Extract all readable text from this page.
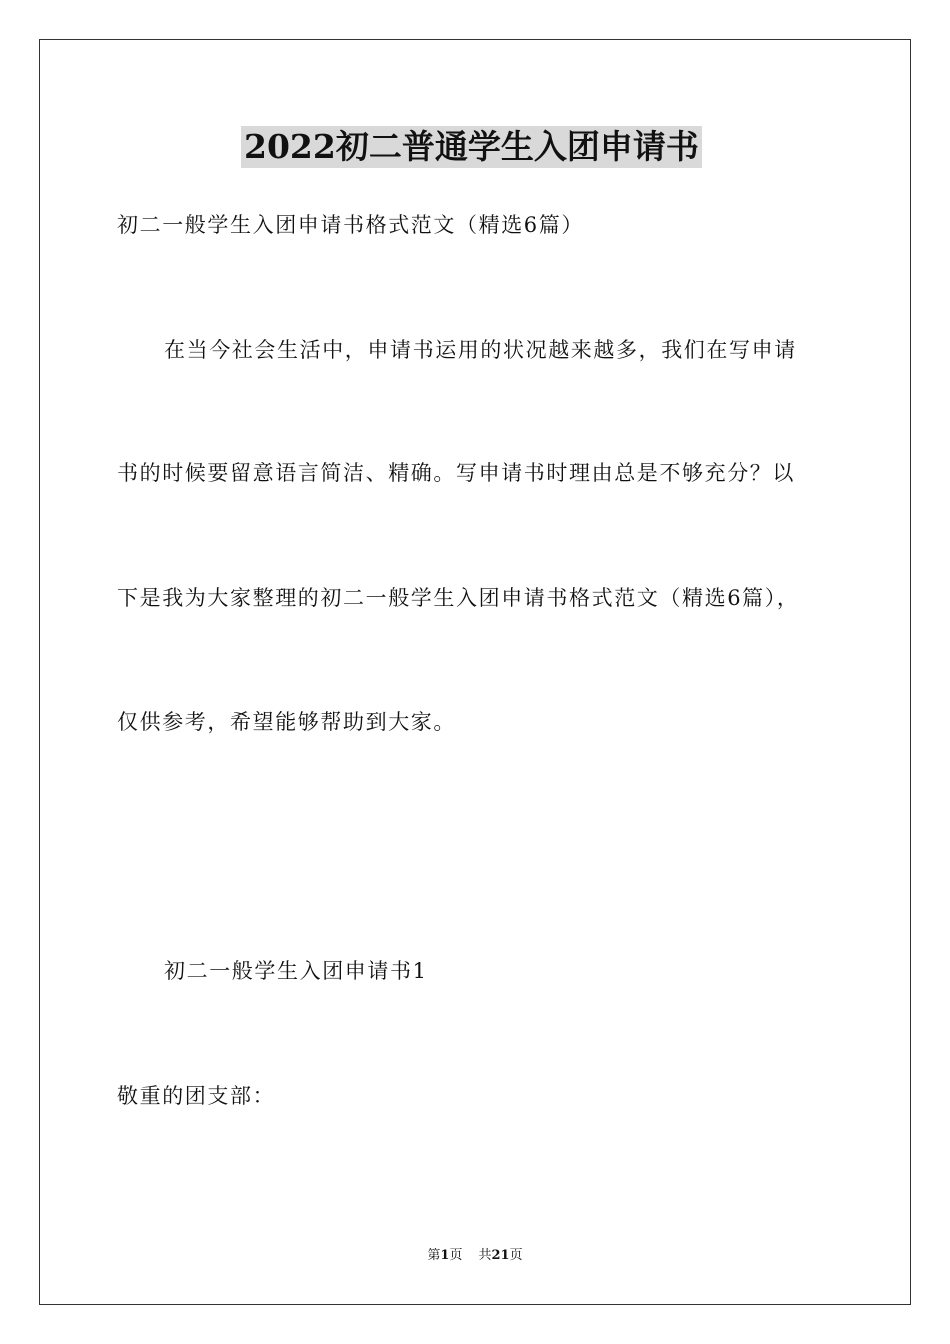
2022初二普通学生入团申请书
初二一般学生入团申请书格式范文（精选6篇）
在当今社会生活中，申请书运用的状况越来越多，我们在写申请
书的时候要留意语言简洁、精确。写申请书时理由总是不够充分？以
下是我为大家整理的初二一般学生入团申请书格式范文（精选6篇），
仅供参考，希望能够帮助到大家。
初二一般学生入团申请书1
敬重的团支部：
第1页 共21页
